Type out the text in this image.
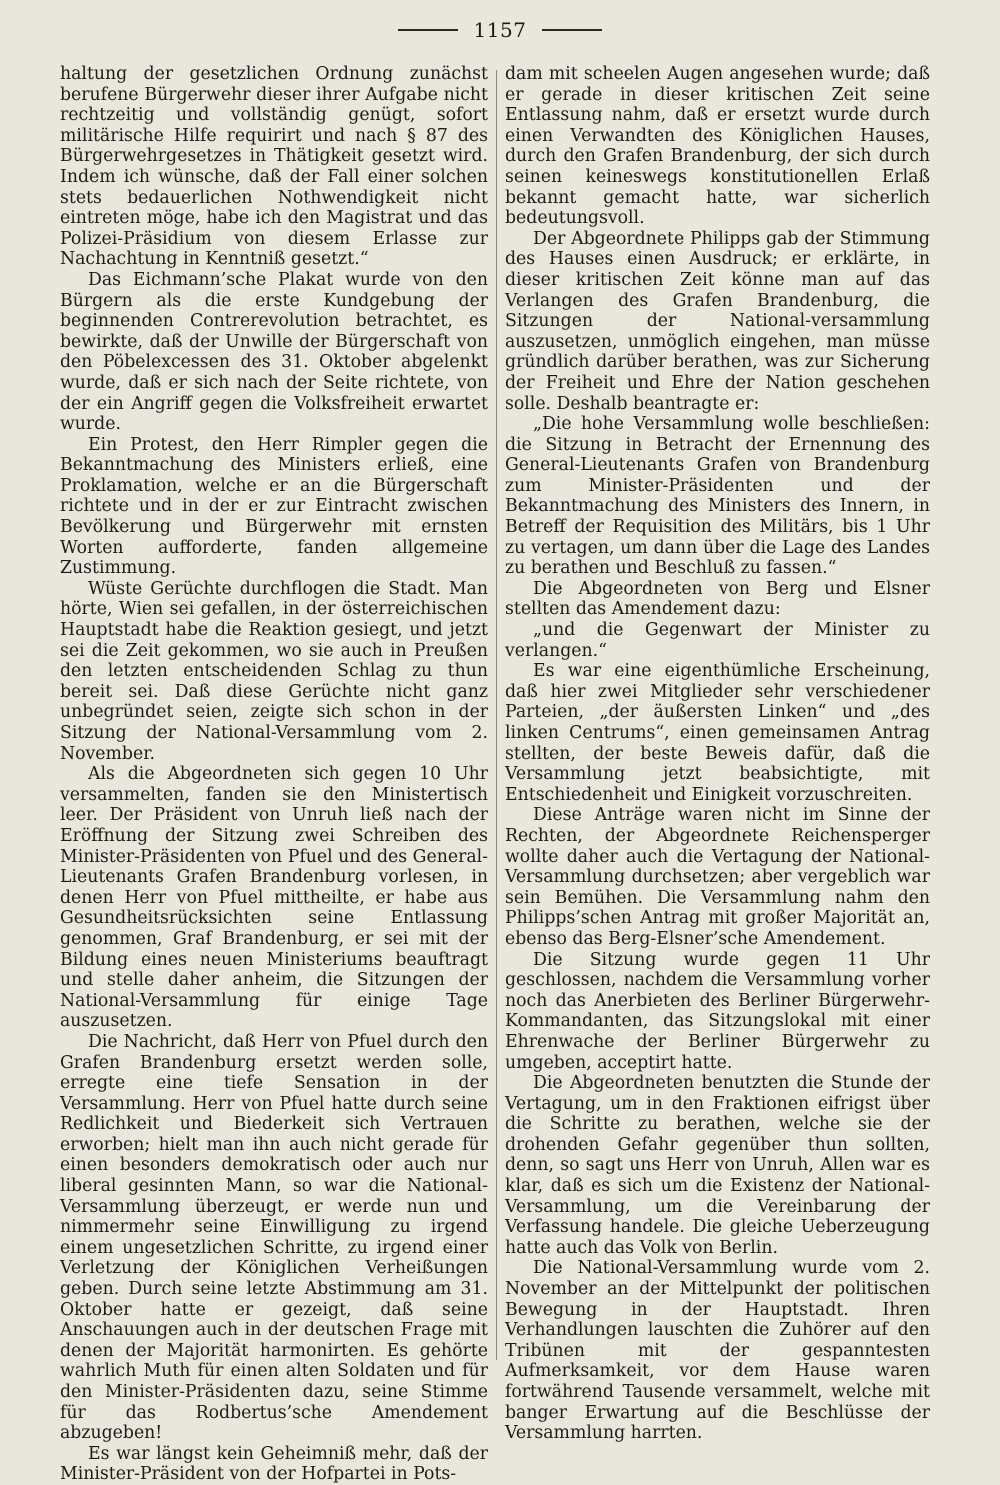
1157

haltung der gesetzlichen Ordnung zunächst berufene Bürgerwehr dieser ihrer Aufgabe nicht rechtzeitig und vollständig genügt, sofort militärische Hilfe requirirt und nach § 87 des Bürgerwehrgesetzes in Thätigkeit gesetzt wird. Indem ich wünsche, daß der Fall einer solchen stets bedauerlichen Nothwendigkeit nicht eintreten möge, habe ich den Magistrat und das Polizei-Präsidium von diesem Erlasse zur Nachachtung in Kenntniß gesetzt.“

Das Eichmann’sche Plakat wurde von den Bürgern als die erste Kundgebung der beginnenden Contrerevolution betrachtet, es bewirkte, daß der Unwille der Bürgerschaft von den Pöbelexcessen des 31. Oktober abgelenkt wurde, daß er sich nach der Seite richtete, von der ein Angriff gegen die Volksfreiheit erwartet wurde.

Ein Protest, den Herr Rimpler gegen die Bekanntmachung des Ministers erließ, eine Proklamation, welche er an die Bürgerschaft richtete und in der er zur Eintracht zwischen Bevölkerung und Bürgerwehr mit ernsten Worten aufforderte, fanden allgemeine Zustimmung.

Wüste Gerüchte durchflogen die Stadt. Man hörte, Wien sei gefallen, in der österreichischen Hauptstadt habe die Reaktion gesiegt, und jetzt sei die Zeit gekommen, wo sie auch in Preußen den letzten entscheidenden Schlag zu thun bereit sei. Daß diese Gerüchte nicht ganz unbegründet seien, zeigte sich schon in der Sitzung der National-Versammlung vom 2. November.

Als die Abgeordneten sich gegen 10 Uhr versammelten, fanden sie den Ministertisch leer. Der Präsident von Unruh ließ nach der Eröffnung der Sitzung zwei Schreiben des Minister-Präsidenten von Pfuel und des General-Lieutenants Grafen Brandenburg vorlesen, in denen Herr von Pfuel mittheilte, er habe aus Gesundheitsrücksichten seine Entlassung genommen, Graf Brandenburg, er sei mit der Bildung eines neuen Ministeriums beauftragt und stelle daher anheim, die Sitzungen der National-Versammlung für einige Tage auszusetzen.

Die Nachricht, daß Herr von Pfuel durch den Grafen Brandenburg ersetzt werden solle, erregte eine tiefe Sensation in der Versammlung. Herr von Pfuel hatte durch seine Redlichkeit und Biederkeit sich Vertrauen erworben; hielt man ihn auch nicht gerade für einen besonders demokratisch oder auch nur liberal gesinnten Mann, so war die National-Versammlung überzeugt, er werde nun und nimmermehr seine Einwilligung zu irgend einem ungesetzlichen Schritte, zu irgend einer Verletzung der Königlichen Verheißungen geben. Durch seine letzte Abstimmung am 31. Oktober hatte er gezeigt, daß seine Anschauungen auch in der deutschen Frage mit denen der Majorität harmonirten. Es gehörte wahrlich Muth für einen alten Soldaten und für den Minister-Präsidenten dazu, seine Stimme für das Rodbertus’sche Amendement abzugeben!

Es war längst kein Geheimniß mehr, daß der Minister-Präsident von der Hofpartei in Pots-

dam mit scheelen Augen angesehen wurde; daß er gerade in dieser kritischen Zeit seine Entlassung nahm, daß er ersetzt wurde durch einen Verwandten des Königlichen Hauses, durch den Grafen Brandenburg, der sich durch seinen keineswegs konstitutionellen Erlaß bekannt gemacht hatte, war sicherlich bedeutungsvoll.

Der Abgeordnete Philipps gab der Stimmung des Hauses einen Ausdruck; er erklärte, in dieser kritischen Zeit könne man auf das Verlangen des Grafen Brandenburg, die Sitzungen der National-versammlung auszusetzen, unmöglich eingehen, man müsse gründlich darüber berathen, was zur Sicherung der Freiheit und Ehre der Nation geschehen solle. Deshalb beantragte er:

„Die hohe Versammlung wolle beschließen: die Sitzung in Betracht der Ernennung des General-Lieutenants Grafen von Brandenburg zum Minister-Präsidenten und der Bekanntmachung des Ministers des Innern, in Betreff der Requisition des Militärs, bis 1 Uhr zu vertagen, um dann über die Lage des Landes zu berathen und Beschluß zu fassen.“

Die Abgeordneten von Berg und Elsner stellten das Amendement dazu:

„und die Gegenwart der Minister zu verlangen.“

Es war eine eigenthümliche Erscheinung, daß hier zwei Mitglieder sehr verschiedener Parteien, „der äußersten Linken“ und „des linken Centrums“, einen gemeinsamen Antrag stellten, der beste Beweis dafür, daß die Versammlung jetzt beabsichtigte, mit Entschiedenheit und Einigkeit vorzuschreiten.

Diese Anträge waren nicht im Sinne der Rechten, der Abgeordnete Reichensperger wollte daher auch die Vertagung der National-Versammlung durchsetzen; aber vergeblich war sein Bemühen. Die Versammlung nahm den Philipps’schen Antrag mit großer Majorität an, ebenso das Berg-Elsner’sche Amendement.

Die Sitzung wurde gegen 11 Uhr geschlossen, nachdem die Versammlung vorher noch das Anerbieten des Berliner Bürgerwehr-Kommandanten, das Sitzungslokal mit einer Ehrenwache der Berliner Bürgerwehr zu umgeben, acceptirt hatte.

Die Abgeordneten benutzten die Stunde der Vertagung, um in den Fraktionen eifrigst über die Schritte zu berathen, welche sie der drohenden Gefahr gegenüber thun sollten, denn, so sagt uns Herr von Unruh, Allen war es klar, daß es sich um die Existenz der National-Versammlung, um die Vereinbarung der Verfassung handele. Die gleiche Ueberzeugung hatte auch das Volk von Berlin.

Die National-Versammlung wurde vom 2. November an der Mittelpunkt der politischen Bewegung in der Hauptstadt. Ihren Verhandlungen lauschten die Zuhörer auf den Tribünen mit der gespanntesten Aufmerksamkeit, vor dem Hause waren fortwährend Tausende versammelt, welche mit banger Erwartung auf die Beschlüsse der Versammlung harrten.
